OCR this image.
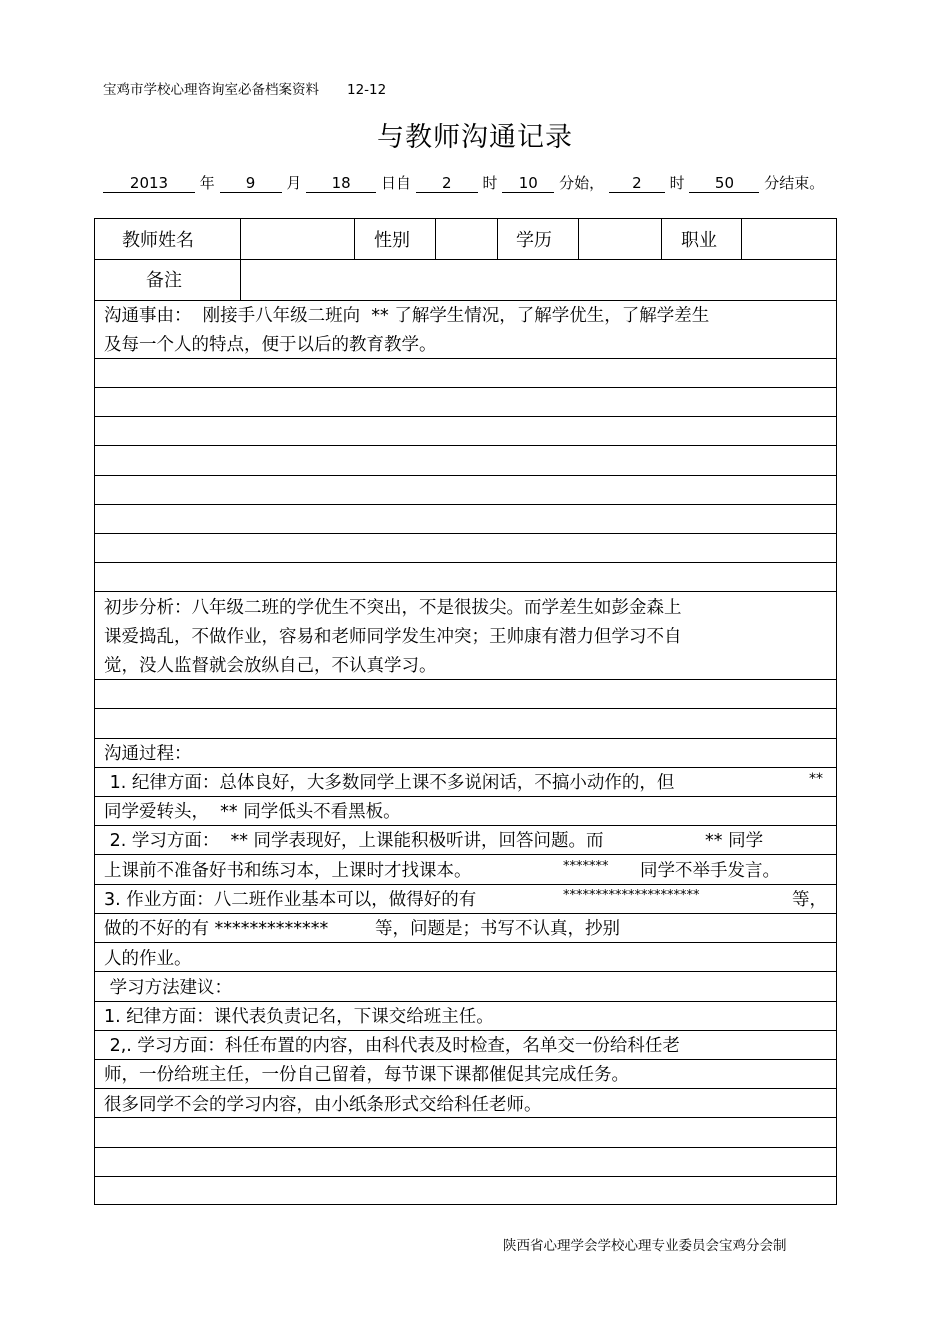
宝鸡市学校心理咨询室必备档案资料 12-12
与教师沟通记录
2013 年 9 月 18 日自 2 时 10 分始， 2 时 50 分结束。
教师姓名	性别	学历	职业
备注
沟通事由：  刚接手八年级二班向  ** 了解学生情况，了解学优生，了解学差生
及每一个人的特点，便于以后的教育教学。
初步分析：八年级二班的学优生不突出，不是很拔尖。而学差生如彭金森上
课爱捣乱，不做作业，容易和老师同学发生冲突；王帅康有潜力但学习不自
觉，没人监督就会放纵自己，不认真学习。
沟通过程：
1. 纪律方面：总体良好，大多数同学上课不多说闲话，不搞小动作的，但	**
同学爱转头，  ** 同学低头不看黑板。
2. 学习方面：  ** 同学表现好，上课能积极听讲，回答问题。而	** 同学
上课前不准备好书和练习本，上课时才找课本。	******* 同学不举手发言。
3. 作业方面：八二班作业基本可以，做得好的有	*********************	等，
做的不好的有 *************	等，问题是；书写不认真，抄别
人的作业。
学习方法建议：
1. 纪律方面：课代表负责记名，下课交给班主任。
2,. 学习方面：科任布置的内容，由科代表及时检查，名单交一份给科任老
师，一份给班主任，一份自己留着，每节课下课都催促其完成任务。
很多同学不会的学习内容，由小纸条形式交给科任老师。
陕西省心理学会学校心理专业委员会宝鸡分会制
